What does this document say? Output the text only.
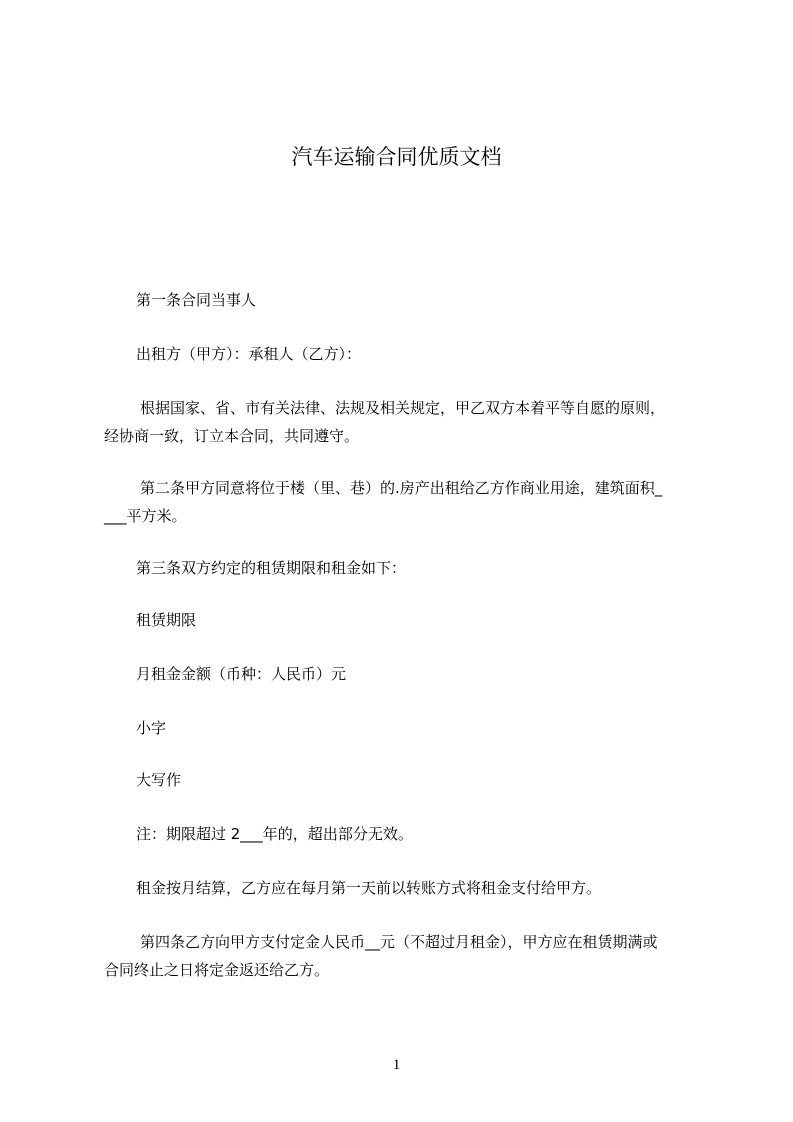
汽车运输合同优质文档
第一条合同当事人
出租方（甲方）：承租人（乙方）：
根据国家、省、市有关法律、法规及相关规定，甲乙双方本着平等自愿的原则，
经协商一致，订立本合同，共同遵守。
第二条甲方同意将位于楼（里、巷）的.房产出租给乙方作商业用途，建筑面积_
___平方米。
第三条双方约定的租赁期限和租金如下：
租赁期限
月租金金额（币种：人民币）元
小字
大写作
注：期限超过 2___年的，超出部分无效。
租金按月结算，乙方应在每月第一天前以转账方式将租金支付给甲方。
第四条乙方向甲方支付定金人民币__元（不超过月租金），甲方应在租赁期满或
合同终止之日将定金返还给乙方。
1
